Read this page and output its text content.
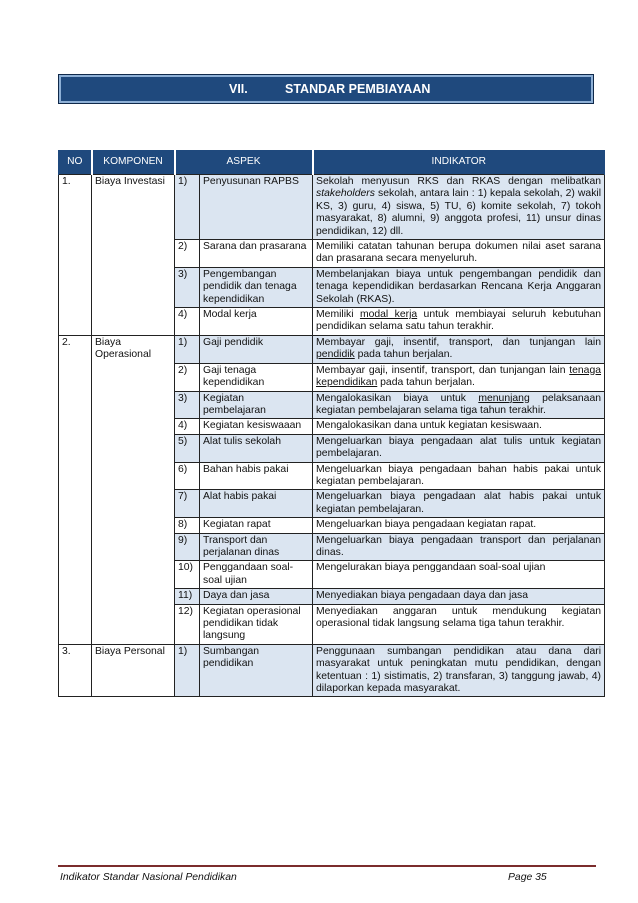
VII.	STANDAR PEMBIAYAAN
NO	KOMPONEN	ASPEK		INDIKATOR
1.	Biaya Investasi	1)	Penyusunan RAPBS	Sekolah menyusun RKS dan RKAS dengan melibatkan stakeholders sekolah, antara lain : 1) kepala sekolah, 2) wakil KS, 3) guru, 4) siswa, 5) TU, 6) komite sekolah, 7) tokoh masyarakat, 8) alumni, 9) anggota profesi, 11) unsur dinas pendidikan, 12) dll.
		2)	Sarana dan prasarana	Memiliki catatan tahunan berupa dokumen nilai aset sarana dan prasarana secara menyeluruh.
		3)	Pengembangan pendidik dan tenaga kependidikan	Membelanjakan biaya untuk pengembangan pendidik dan tenaga kependidikan berdasarkan Rencana Kerja Anggaran Sekolah (RKAS).
		4)	Modal kerja	Memiliki modal kerja untuk membiayai seluruh kebutuhan pendidikan selama satu tahun terakhir.
2.	Biaya Operasional	1)	Gaji pendidik	Membayar gaji, insentif, transport, dan tunjangan lain pendidik pada tahun berjalan.
		2)	Gaji tenaga kependidikan	Membayar gaji, insentif, transport, dan tunjangan lain tenaga kependidikan pada tahun berjalan.
		3)	Kegiatan pembelajaran	Mengalokasikan biaya untuk menunjang pelaksanaan kegiatan pembelajaran selama tiga tahun terakhir.
		4)	Kegiatan kesiswaaan	Mengalokasikan dana untuk kegiatan kesiswaan.
		5)	Alat tulis sekolah	Mengeluarkan biaya pengadaan alat tulis untuk kegiatan pembelajaran.
		6)	Bahan habis pakai	Mengeluarkan biaya pengadaan bahan habis pakai untuk kegiatan pembelajaran.
		7)	Alat habis pakai	Mengeluarkan biaya pengadaan alat habis pakai untuk kegiatan pembelajaran.
		8)	Kegiatan rapat	Mengeluarkan biaya pengadaan kegiatan rapat.
		9)	Transport dan perjalanan dinas	Mengeluarkan biaya pengadaan transport dan perjalanan dinas.
		10)	Penggandaan soal-soal ujian	Mengelurakan biaya penggandaan soal-soal ujian
		11)	Daya dan jasa	Menyediakan biaya pengadaan daya dan jasa
		12)	Kegiatan operasional pendidikan tidak langsung	Menyediakan anggaran untuk mendukung kegiatan operasional tidak langsung selama tiga tahun terakhir.
3.	Biaya Personal	1)	Sumbangan pendidikan	Penggunaan sumbangan pendidikan atau dana dari masyarakat untuk peningkatan mutu pendidikan, dengan ketentuan : 1) sistimatis, 2) transfaran, 3) tanggung jawab, 4) dilaporkan kepada masyarakat.
Indikator Standar Nasional Pendidikan	Page 35
